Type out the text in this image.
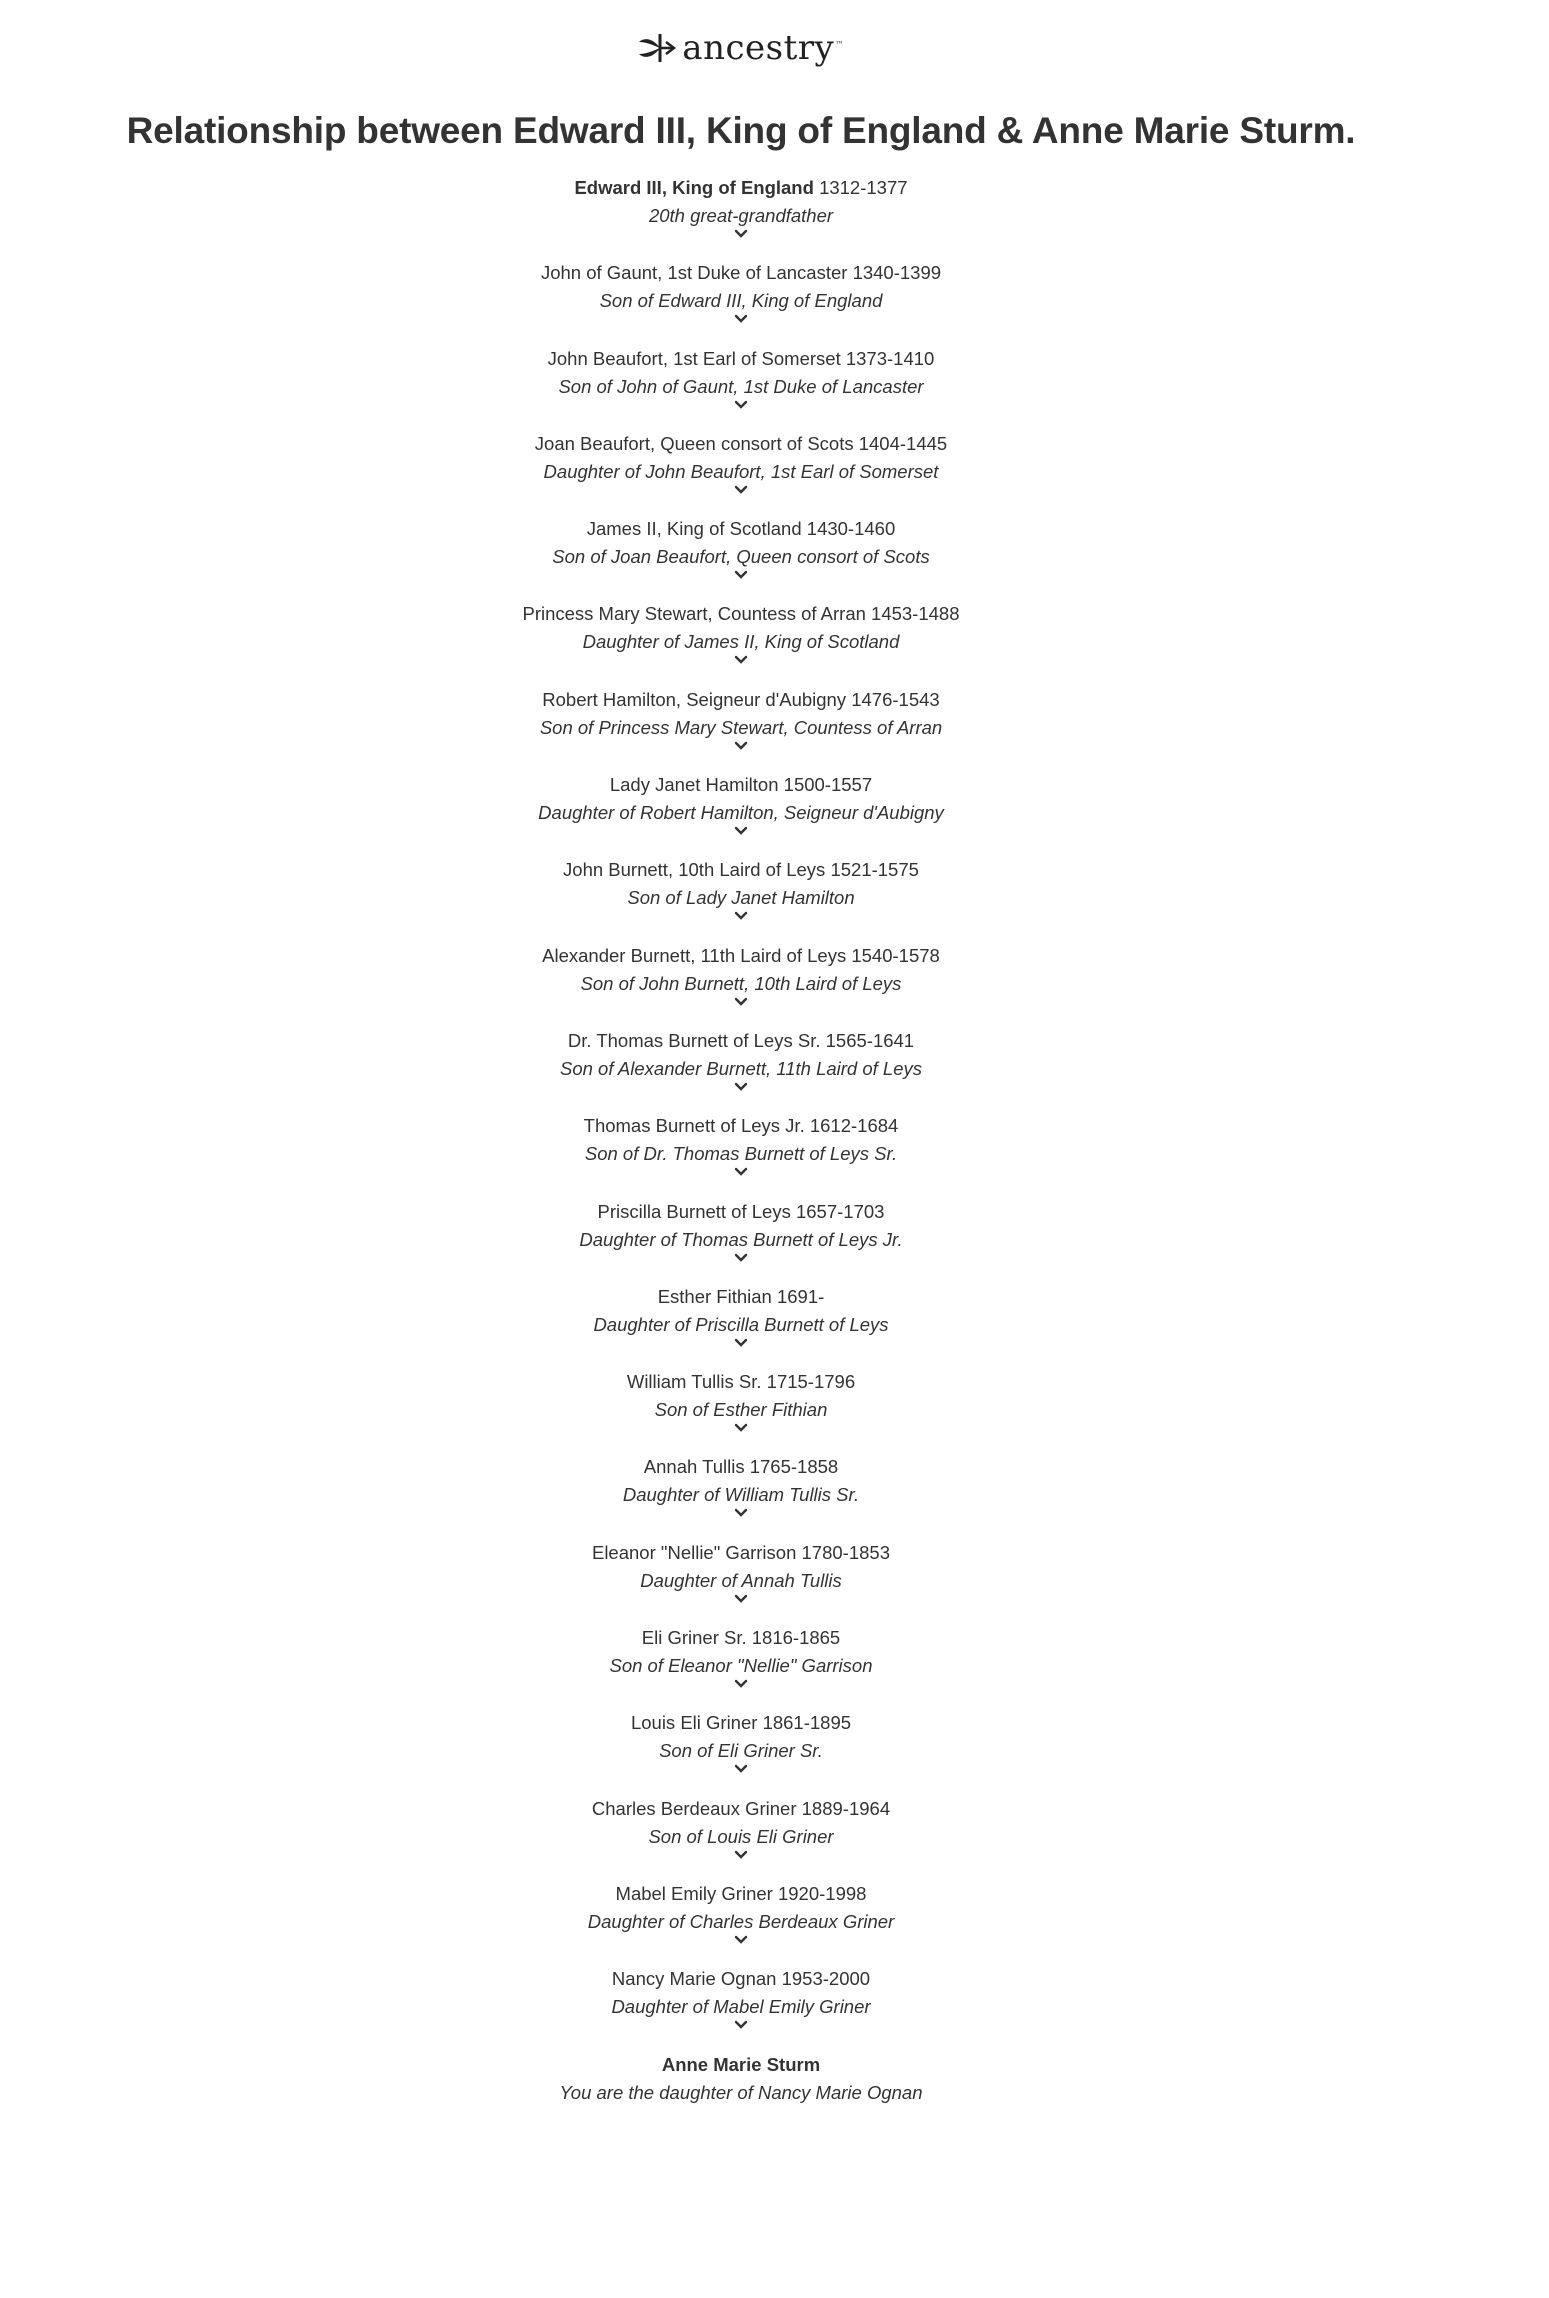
ancestry™
Relationship between Edward III, King of England & Anne Marie Sturm.
Edward III, King of England 1312-1377
20th great-grandfather
John of Gaunt, 1st Duke of Lancaster 1340-1399
Son of Edward III, King of England
John Beaufort, 1st Earl of Somerset 1373-1410
Son of John of Gaunt, 1st Duke of Lancaster
Joan Beaufort, Queen consort of Scots 1404-1445
Daughter of John Beaufort, 1st Earl of Somerset
James II, King of Scotland 1430-1460
Son of Joan Beaufort, Queen consort of Scots
Princess Mary Stewart, Countess of Arran 1453-1488
Daughter of James II, King of Scotland
Robert Hamilton, Seigneur d'Aubigny 1476-1543
Son of Princess Mary Stewart, Countess of Arran
Lady Janet Hamilton 1500-1557
Daughter of Robert Hamilton, Seigneur d'Aubigny
John Burnett, 10th Laird of Leys 1521-1575
Son of Lady Janet Hamilton
Alexander Burnett, 11th Laird of Leys 1540-1578
Son of John Burnett, 10th Laird of Leys
Dr. Thomas Burnett of Leys Sr. 1565-1641
Son of Alexander Burnett, 11th Laird of Leys
Thomas Burnett of Leys Jr. 1612-1684
Son of Dr. Thomas Burnett of Leys Sr.
Priscilla Burnett of Leys 1657-1703
Daughter of Thomas Burnett of Leys Jr.
Esther Fithian 1691-
Daughter of Priscilla Burnett of Leys
William Tullis Sr. 1715-1796
Son of Esther Fithian
Annah Tullis 1765-1858
Daughter of William Tullis Sr.
Eleanor "Nellie" Garrison 1780-1853
Daughter of Annah Tullis
Eli Griner Sr. 1816-1865
Son of Eleanor "Nellie" Garrison
Louis Eli Griner 1861-1895
Son of Eli Griner Sr.
Charles Berdeaux Griner 1889-1964
Son of Louis Eli Griner
Mabel Emily Griner 1920-1998
Daughter of Charles Berdeaux Griner
Nancy Marie Ognan 1953-2000
Daughter of Mabel Emily Griner
Anne Marie Sturm
You are the daughter of Nancy Marie Ognan
